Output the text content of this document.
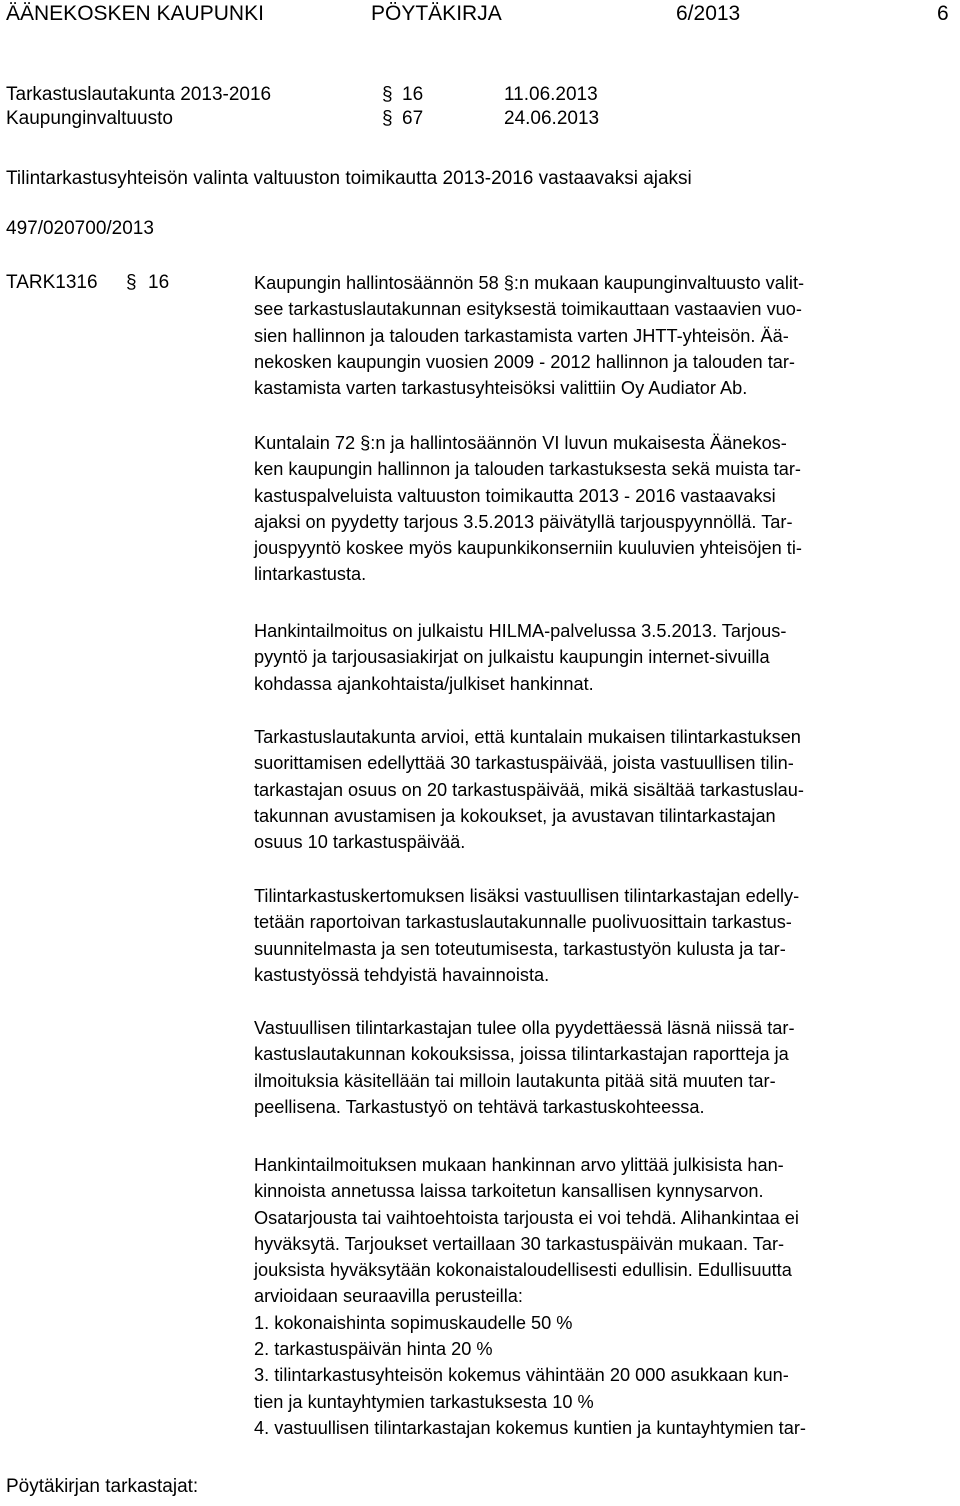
ÄÄNEKOSKEN KAUPUNKI	PÖYTÄKIRJA	6/2013	6
Tarkastuslautakunta 2013-2016	§ 16	11.06.2013
Kaupunginvaltuusto	§ 67	24.06.2013
Tilintarkastusyhteisön valinta valtuuston toimikautta 2013-2016 vastaavaksi ajaksi
497/020700/2013
TARK1316 § 16	Kaupungin hallintosäännön 58 §:n mukaan kaupunginvaltuusto valit-
see tarkastuslautakunnan esityksestä toimikauttaan vastaavien vuo-
sien hallinnon ja talouden tarkastamista varten JHTT-yhteisön. Ää-
nekosken kaupungin vuosien 2009 - 2012 hallinnon ja talouden tar-
kastamista varten tarkastusyhteisöksi valittiin Oy Audiator Ab.
Kuntalain 72 §:n ja hallintosäännön VI luvun mukaisesta Äänekos-
ken kaupungin hallinnon ja talouden tarkastuksesta sekä muista tar-
kastuspalveluista valtuuston toimikautta 2013 - 2016 vastaavaksi
ajaksi on pyydetty tarjous 3.5.2013 päivätyllä tarjouspyynnöllä. Tar-
jouspyyntö koskee myös kaupunkikonserniin kuuluvien yhteisöjen ti-
lintarkastusta.
Hankintailmoitus on julkaistu HILMA-palvelussa 3.5.2013. Tarjous-
pyyntö ja tarjousasiakirjat on julkaistu kaupungin internet-sivuilla
kohdassa ajankohtaista/julkiset hankinnat.
Tarkastuslautakunta arvioi, että kuntalain mukaisen tilintarkastuksen
suorittamisen edellyttää 30 tarkastuspäivää, joista vastuullisen tilin-
tarkastajan osuus on 20 tarkastuspäivää, mikä sisältää tarkastuslau-
takunnan avustamisen ja kokoukset, ja avustavan tilintarkastajan
osuus 10 tarkastuspäivää.
Tilintarkastuskertomuksen lisäksi vastuullisen tilintarkastajan edelly-
tetään raportoivan tarkastuslautakunnalle puolivuosittain tarkastus-
suunnitelmasta ja sen toteutumisesta, tarkastustyön kulusta ja tar-
kastustyössä tehdyistä havainnoista.
Vastuullisen tilintarkastajan tulee olla pyydettäessä läsnä niissä tar-
kastuslautakunnan kokouksissa, joissa tilintarkastajan raportteja ja
ilmoituksia käsitellään tai milloin lautakunta pitää sitä muuten tar-
peellisena. Tarkastustyö on tehtävä tarkastuskohteessa.
Hankintailmoituksen mukaan hankinnan arvo ylittää julkisista han-
kinnoista annetussa laissa tarkoitetun kansallisen kynnysarvon.
Osatarjousta tai vaihtoehtoista tarjousta ei voi tehdä. Alihankintaa ei
hyväksytä. Tarjoukset vertaillaan 30 tarkastuspäivän mukaan. Tar-
jouksista hyväksytään kokonaistaloudellisesti edullisin. Edullisuutta
arvioidaan seuraavilla perusteilla:
1. kokonaishinta sopimuskaudelle 50 %
2. tarkastuspäivän hinta 20 %
3. tilintarkastusyhteisön kokemus vähintään 20 000 asukkaan kun-
tien ja kuntayhtymien tarkastuksesta 10 %
4. vastuullisen tilintarkastajan kokemus kuntien ja kuntayhtymien tar-
Pöytäkirjan tarkastajat:
